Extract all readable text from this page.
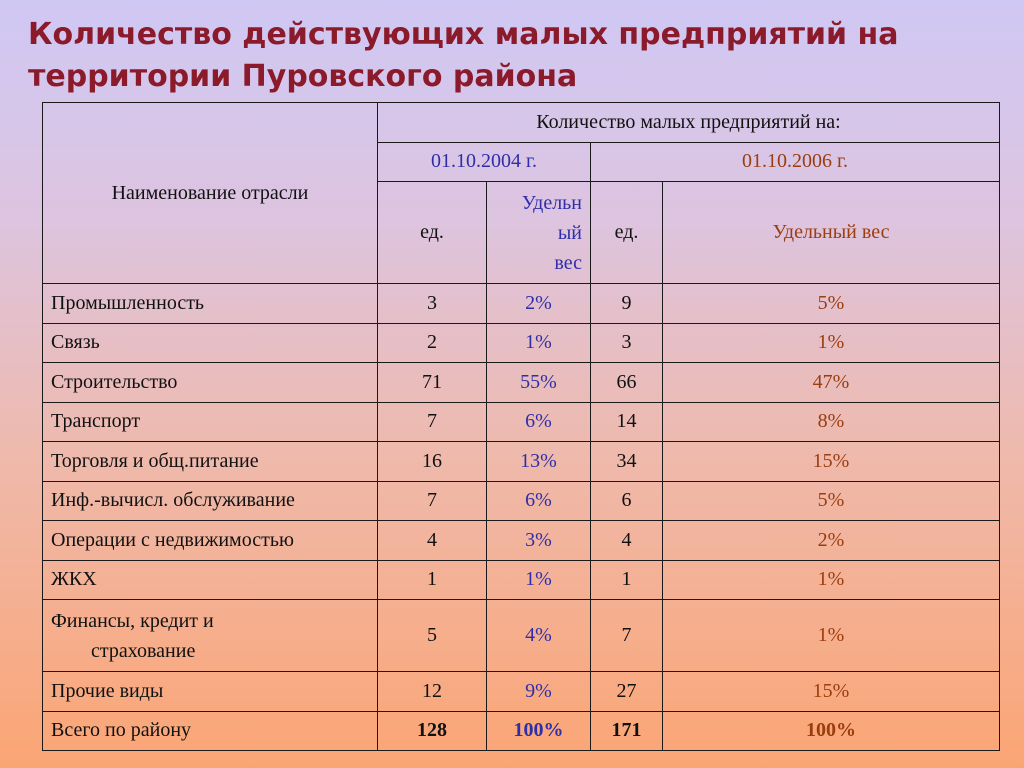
Количество действующих малых предприятий на
территории Пуровского района
Наименование отрасли	Количество малых предприятий на:			
	01.10.2004 г.		01.10.2006 г.	
	ед.	Удельн
ый
вес	ед.	Удельный вес
Промышленность	3	2%	9	5%
Связь	2	1%	3	1%
Строительство	71	55%	66	47%
Транспорт	7	6%	14	8%
Торговля и общ.питание	16	13%	34	15%
Инф.-вычисл. обслуживание	7	6%	6	5%
Операции с недвижимостью	4	3%	4	2%
ЖКХ	1	1%	1	1%

Финансы, кредит и
страхование	5	4%	7	1%
Прочие виды	12	9%	27	15%
Всего по району	128	100%	171	100%
